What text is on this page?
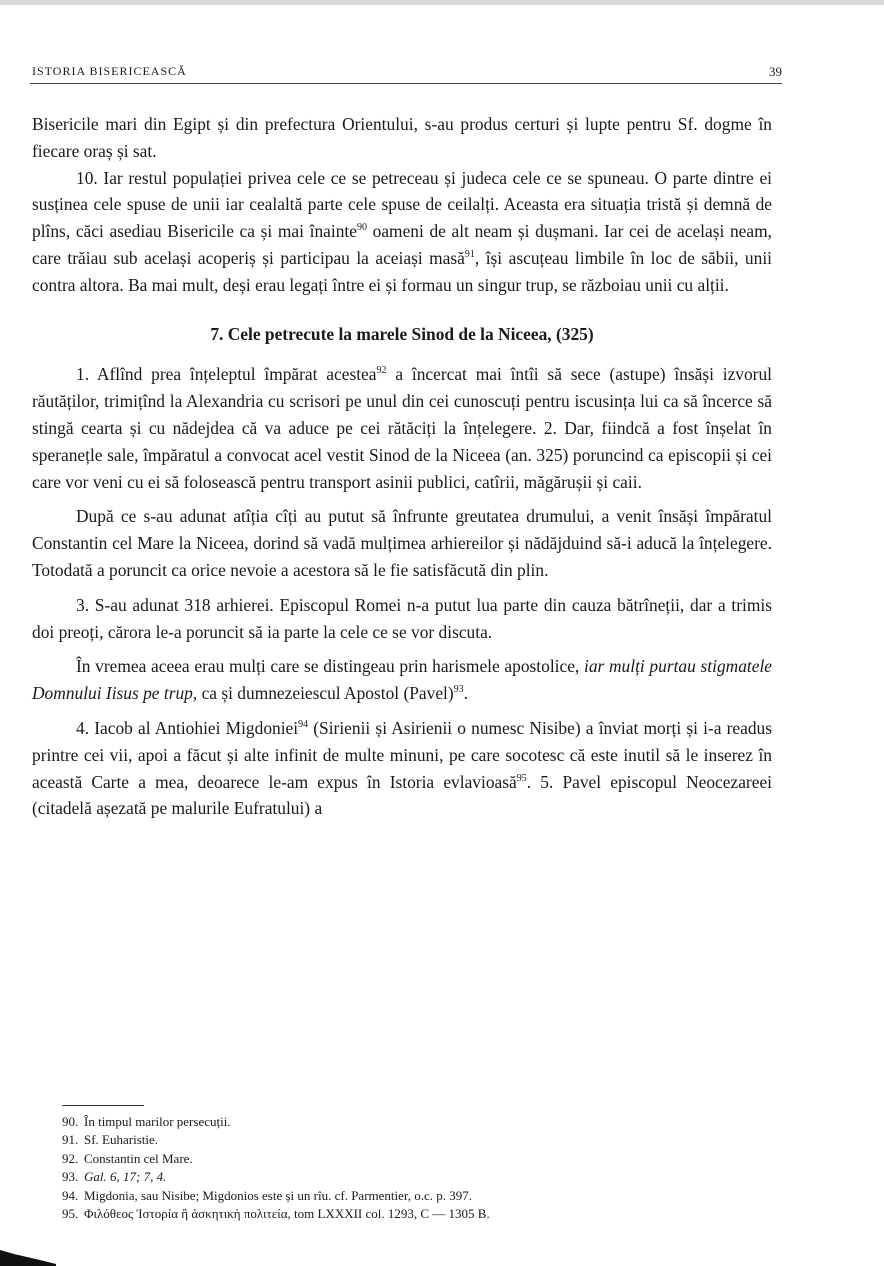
ISTORIA BISERICEASCĂ	39

Bisericile mari din Egipt și din prefectura Orientului, s-au produs certuri și lupte pentru Sf. dogme în fiecare oraș și sat.

10. Iar restul populației privea cele ce se petreceau și judeca cele ce se spuneau. O parte dintre ei susținea cele spuse de unii iar cealaltă parte cele spuse de ceilalți. Aceasta era situația tristă și demnă de plîns, căci asediau Bisericile ca și mai înainte$^{90}$ oameni de alt neam și dușmani. Iar cei de același neam, care trăiau sub același acoperiș și participau la aceiași masă$^{91}$, își ascuțeau limbile în loc de săbii, unii contra altora. Ba mai mult, deși erau legați între ei și formau un singur trup, se războiau unii cu alții.

7. Cele petrecute la marele Sinod de la Niceea, (325)

1. Aflînd prea înțeleptul împărat acestea$^{92}$ a încercat mai întîi să sece (astupe) însăși izvorul răutăților, trimițînd la Alexandria cu scrisori pe unul din cei cunoscuți pentru iscusința lui ca să încerce să stingă cearta și cu nădejdea că va aduce pe cei rătăciți la înțelegere. 2. Dar, fiindcă a fost înșelat în speranețle sale, împăratul a convocat acel vestit Sinod de la Niceea (an. 325) poruncind ca episcopii și cei care vor veni cu ei să folosească pentru transport asinii publici, catîrii, măgărușii și caii.

După ce s-au adunat atîția cîți au putut să înfrunte greutatea drumului, a venit însăși împăratul Constantin cel Mare la Niceea, dorind să vadă mulțimea arhiereilor și nădăjduind să-i aducă la înțelegere. Totodată a poruncit ca orice nevoie a acestora să le fie satisfăcută din plin.

3. S-au adunat 318 arhierei. Episcopul Romei n-a putut lua parte din cauza bătrîneții, dar a trimis doi preoți, cărora le-a poruncit să ia parte la cele ce se vor discuta.

În vremea aceea erau mulți care se distingeau prin harismele apostolice, iar mulți purtau stigmatele Domnului Iisus pe trup, ca și dumnezeiescul Apostol (Pavel)$^{93}$.

4. Iacob al Antiohiei Migdoniei$^{94}$ (Sirienii și Asirienii o numesc Nisibe) a înviat morți și i-a readus printre cei vii, apoi a făcut și alte infinit de multe minuni, pe care socotesc că este inutil să le inserez în această Carte a mea, deoarece le-am expus în Istoria evlavioasă$^{95}$. 5. Pavel episcopul Neocezareei (citadelă așezată pe malurile Eufratului) a

90. În timpul marilor persecuții.
91. Sf. Euharistie.
92. Constantin cel Mare.
93. Gal. 6, 17; 7, 4.
94. Migdonia, sau Nisibe; Migdonios este și un rîu. cf. Parmentier, o.c. p. 397.
95. Φιλόθεος Ἱστορία ἢ ἀσκητικὴ πολιτεία, tom LXXXII col. 1293, C — 1305 B.
